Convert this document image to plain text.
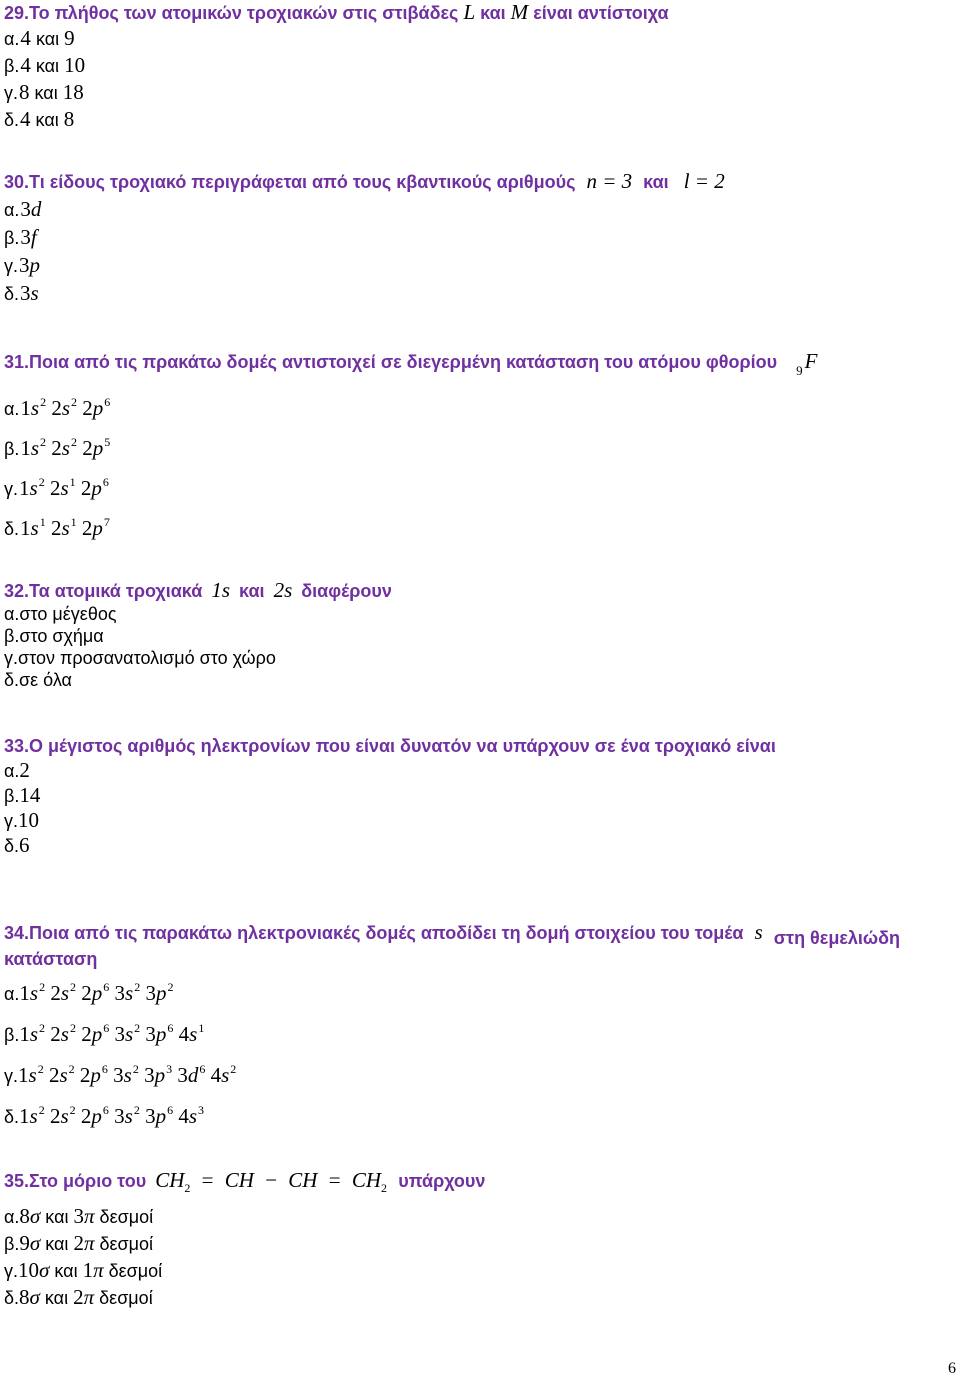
29.Το πλήθος των ατομικών τροχιακών στις στιβάδες L και M είναι αντίστοιχα
α.4 και 9
β.4 και 10
γ.8 και 18
δ.4 και 8
30.Τι είδους τροχιακό περιγράφεται από τους κβαντικούς αριθμούς n = 3 και l = 2
α.3d
β.3f
γ.3p
δ.3s
31.Ποια από τις πρακάτω δομές αντιστοιχεί σε διεγερμένη κατάσταση του ατόμου φθορίου $_9$F
$\alpha.1s^2$ $2s^2$ $2p^6$
$\beta.1s^2$ $2s^2$ $2p^5$
$\gamma.1s^2$ $2s^1$ $2p^6$
$\delta.1s^1$ $2s^1$ $2p^7$
32.Τα ατομικά τροχιακά 1s και 2s διαφέρουν
α.στο μέγεθος
β.στο σχήμα
γ.στον προσανατολισμό στο χώρο
δ.σε όλα
33.Ο μέγιστος αριθμός ηλεκτρονίων που είναι δυνατόν να υπάρχουν σε ένα τροχιακό είναι
α.2
β.14
γ.10
δ.6
34.Ποια από τις παρακάτω ηλεκτρονιακές δομές αποδίδει τη δομή στοιχείου του τομέα s στη θεμελιώδη
κατάσταση
$\alpha.1s^2$ $2s^2$ $2p^6$ $3s^2$ $3p^2$
$\beta.1s^2$ $2s^2$ $2p^6$ $3s^2$ $3p^6$ $4s^1$
$\gamma.1s^2$ $2s^2$ $2p^6$ $3s^2$ $3p^3$ $3d^6$ $4s^2$
$\delta.1s^2$ $2s^2$ $2p^6$ $3s^2$ $3p^6$ $4s^3$
35.Στο μόριο του $CH_2$ = CH − CH = $CH_2$ υπάρχουν
α.8σ και 3π δεσμοί
β.9σ και 2π δεσμοί
γ.10σ και 1π δεσμοί
δ.8σ και 2π δεσμοί
6
